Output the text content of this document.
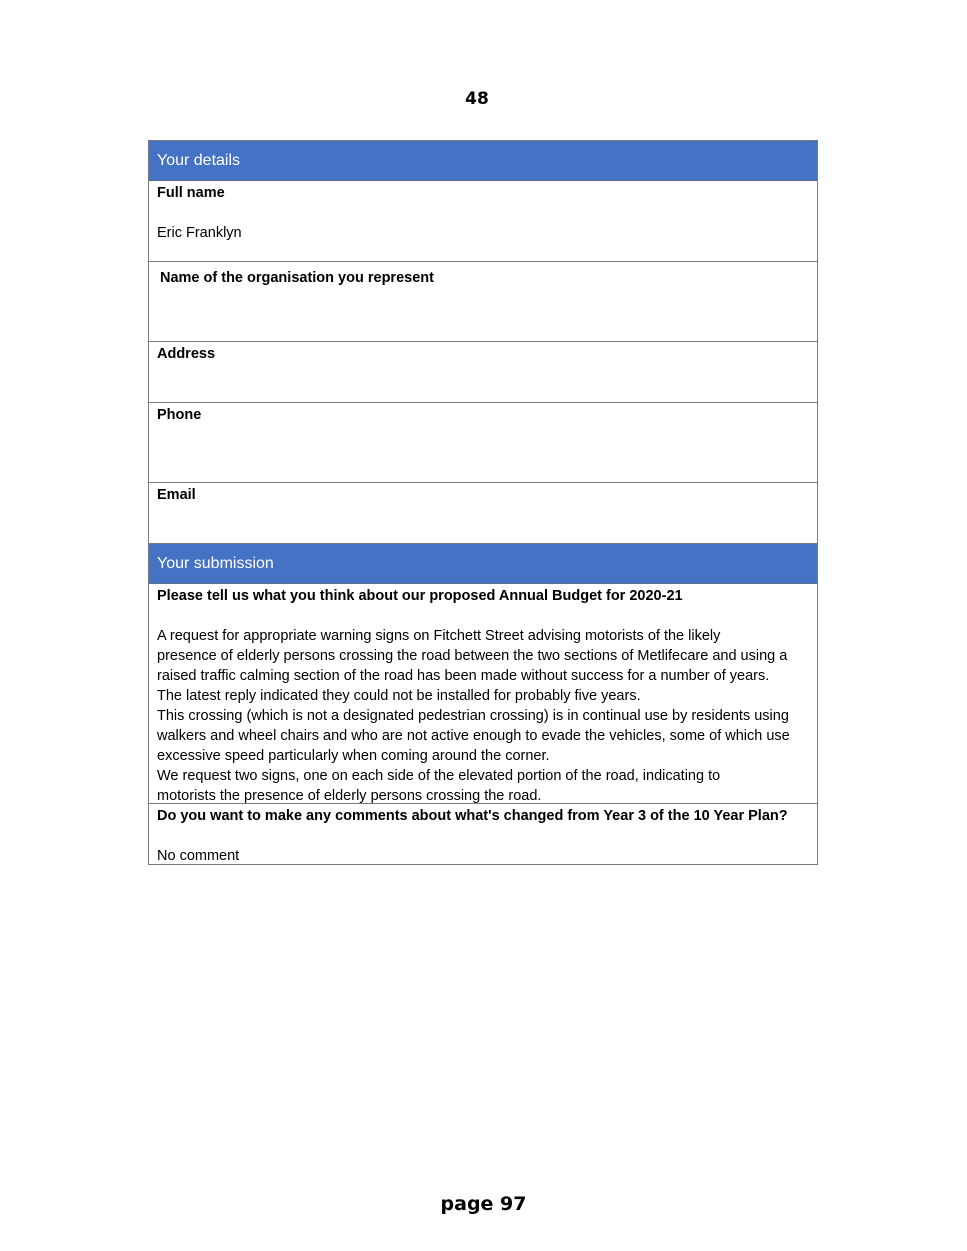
48
Your details
Full name
Eric Franklyn
Name of the organisation you represent
Address
Phone
Email
Your submission
Please tell us what you think about our proposed Annual Budget for 2020-21

A request for appropriate warning signs on Fitchett Street advising motorists of the likely

presence of elderly persons crossing the road between the two sections of Metlifecare and using a

raised traffic calming section of the road has been made without success for a number of years.

The latest reply indicated they could not be installed for probably five years.

This crossing (which is not a designated pedestrian crossing) is in continual use by residents using

walkers and wheel chairs and who are not active enough to evade the vehicles, some of which use

excessive speed particularly when coming around the corner.

We request two signs, one on each side of the elevated portion of the road, indicating to

motorists the presence of elderly persons crossing the road.

Do you want to make any comments about what's changed from Year 3 of the 10 Year Plan?
No comment
page 97
